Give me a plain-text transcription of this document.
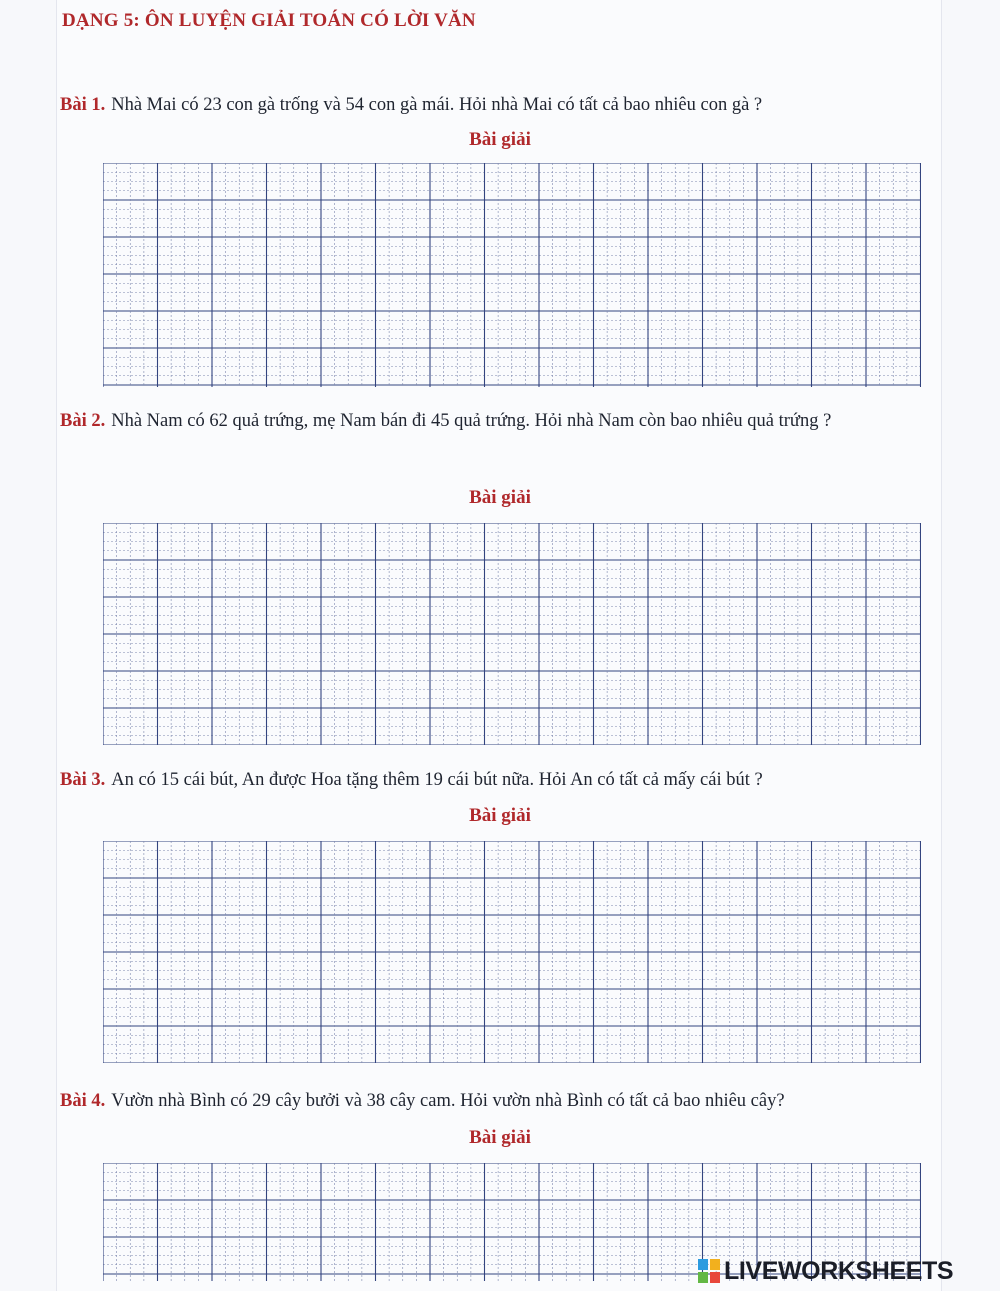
DẠNG 5: ÔN LUYỆN GIẢI TOÁN CÓ LỜI VĂN

Bài 1. Nhà Mai có 23 con gà trống và 54 con gà mái. Hỏi nhà Mai có tất cả bao nhiêu con gà ?

Bài giải

Bài 2. Nhà Nam có 62 quả trứng, mẹ Nam bán đi 45 quả trứng. Hỏi nhà Nam còn bao nhiêu quả trứng ?

Bài giải

Bài 3. An có 15 cái bút, An được Hoa tặng thêm 19 cái bút nữa. Hỏi An có tất cả mấy cái bút ?

Bài giải

Bài 4. Vườn nhà Bình có 29 cây bưởi và 38 cây cam. Hỏi vườn nhà Bình có tất cả bao nhiêu cây?

Bài giải

LIVEWORKSHEETS
